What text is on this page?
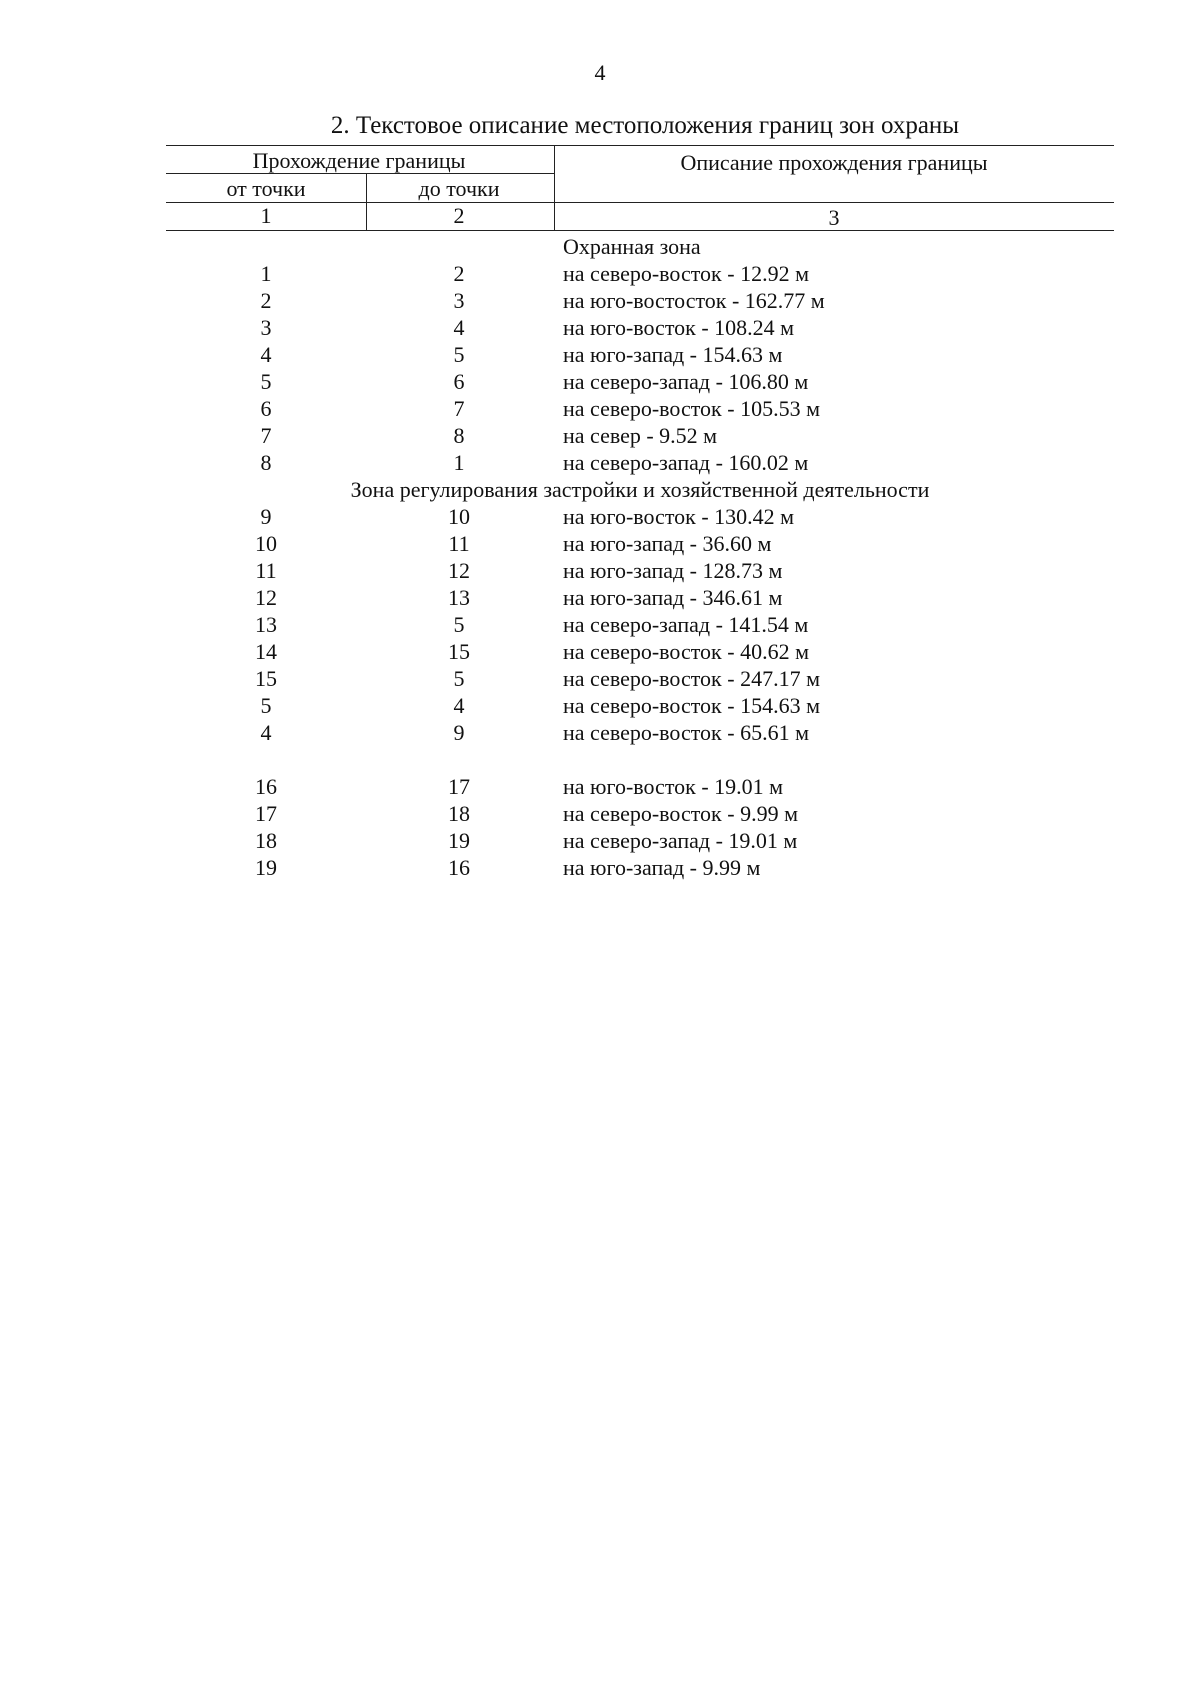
4
2. Текстовое описание местоположения границ зон охраны
Прохождение границы	Описание прохождения границы
от точки	до точки
1	2	3
Охранная зона
1	2	на северо-восток - 12.92 м
2	3	на юго-востосток - 162.77 м
3	4	на юго-восток - 108.24 м
4	5	на юго-запад - 154.63 м
5	6	на северо-запад - 106.80 м
6	7	на северо-восток - 105.53 м
7	8	на север - 9.52 м
8	1	на северо-запад - 160.02 м
Зона регулирования застройки и хозяйственной деятельности
9	10	на юго-восток - 130.42 м
10	11	на юго-запад - 36.60 м
11	12	на юго-запад - 128.73 м
12	13	на юго-запад - 346.61 м
13	5	на северо-запад - 141.54 м
14	15	на северо-восток - 40.62 м
15	5	на северо-восток - 247.17 м
5	4	на северо-восток - 154.63 м
4	9	на северо-восток - 65.61 м
16	17	на юго-восток - 19.01 м
17	18	на северо-восток - 9.99 м
18	19	на северо-запад - 19.01 м
19	16	на юго-запад - 9.99 м
